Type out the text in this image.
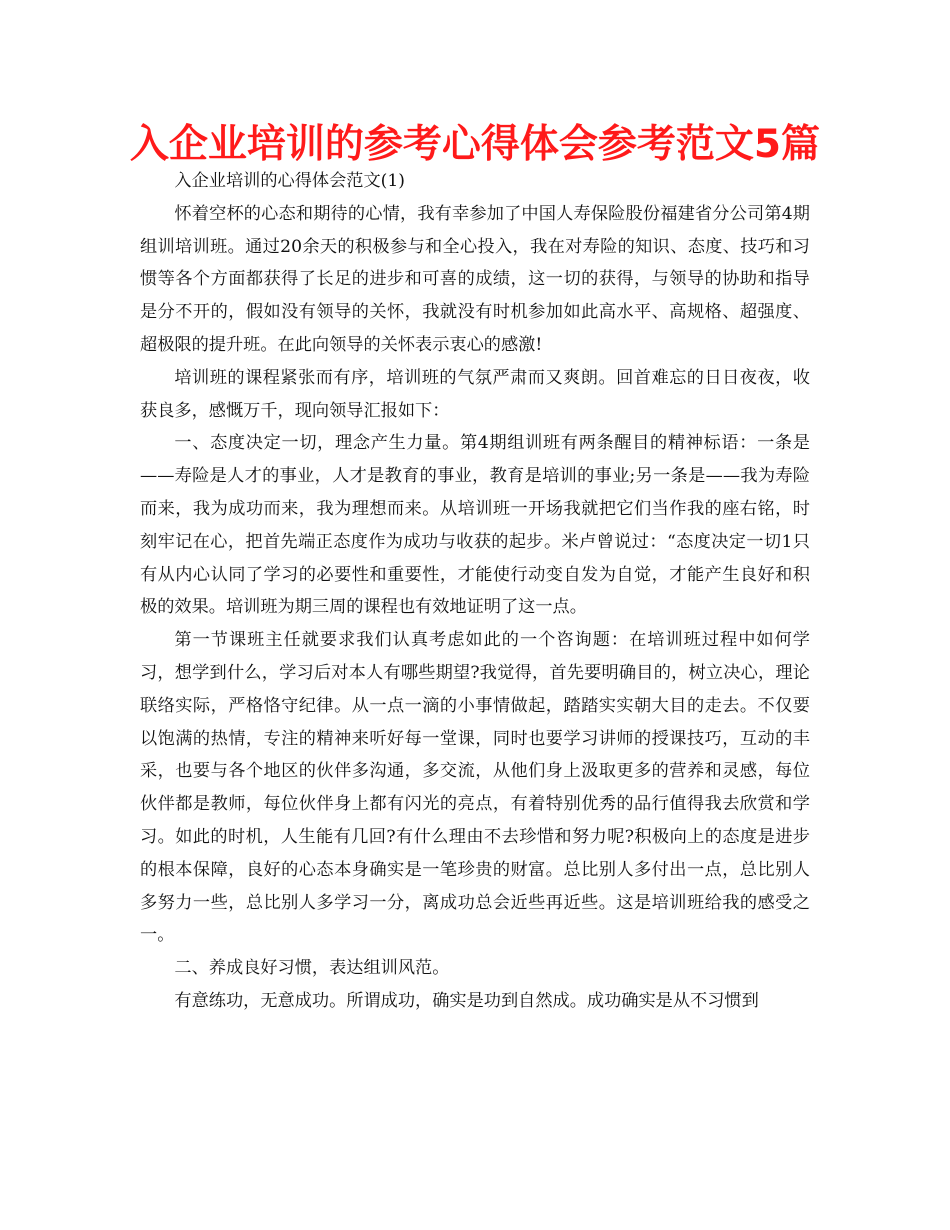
入企业培训的参考心得体会参考范文5篇

入企业培训的心得体会范文(1)

怀着空杯的心态和期待的心情，我有幸参加了中国人寿保险股份福建省分公司第4期组训培训班。通过20余天的积极参与和全心投入，我在对寿险的知识、态度、技巧和习惯等各个方面都获得了长足的进步和可喜的成绩，这一切的获得，与领导的协助和指导是分不开的，假如没有领导的关怀，我就没有时机参加如此高水平、高规格、超强度、超极限的提升班。在此向领导的关怀表示衷心的感激!

培训班的课程紧张而有序，培训班的气氛严肃而又爽朗。回首难忘的日日夜夜，收获良多，感慨万千，现向领导汇报如下：

一、态度决定一切，理念产生力量。第4期组训班有两条醒目的精神标语：一条是——寿险是人才的事业，人才是教育的事业，教育是培训的事业;另一条是——我为寿险而来，我为成功而来，我为理想而来。从培训班一开场我就把它们当作我的座右铭，时刻牢记在心，把首先端正态度作为成功与收获的起步。米卢曾说过：“态度决定一切1只有从内心认同了学习的必要性和重要性，才能使行动变自发为自觉，才能产生良好和积极的效果。培训班为期三周的课程也有效地证明了这一点。

第一节课班主任就要求我们认真考虑如此的一个咨询题：在培训班过程中如何学习，想学到什么，学习后对本人有哪些期望?我觉得，首先要明确目的，树立决心，理论联络实际，严格恪守纪律。从一点一滴的小事情做起，踏踏实实朝大目的走去。不仅要以饱满的热情，专注的精神来听好每一堂课，同时也要学习讲师的授课技巧，互动的丰采，也要与各个地区的伙伴多沟通，多交流，从他们身上汲取更多的营养和灵感，每位伙伴都是教师，每位伙伴身上都有闪光的亮点，有着特别优秀的品行值得我去欣赏和学习。如此的时机，人生能有几回?有什么理由不去珍惜和努力呢?积极向上的态度是进步的根本保障，良好的心态本身确实是一笔珍贵的财富。总比别人多付出一点，总比别人多努力一些，总比别人多学习一分，离成功总会近些再近些。这是培训班给我的感受之一。

二、养成良好习惯，表达组训风范。

有意练功，无意成功。所谓成功，确实是功到自然成。成功确实是从不习惯到
